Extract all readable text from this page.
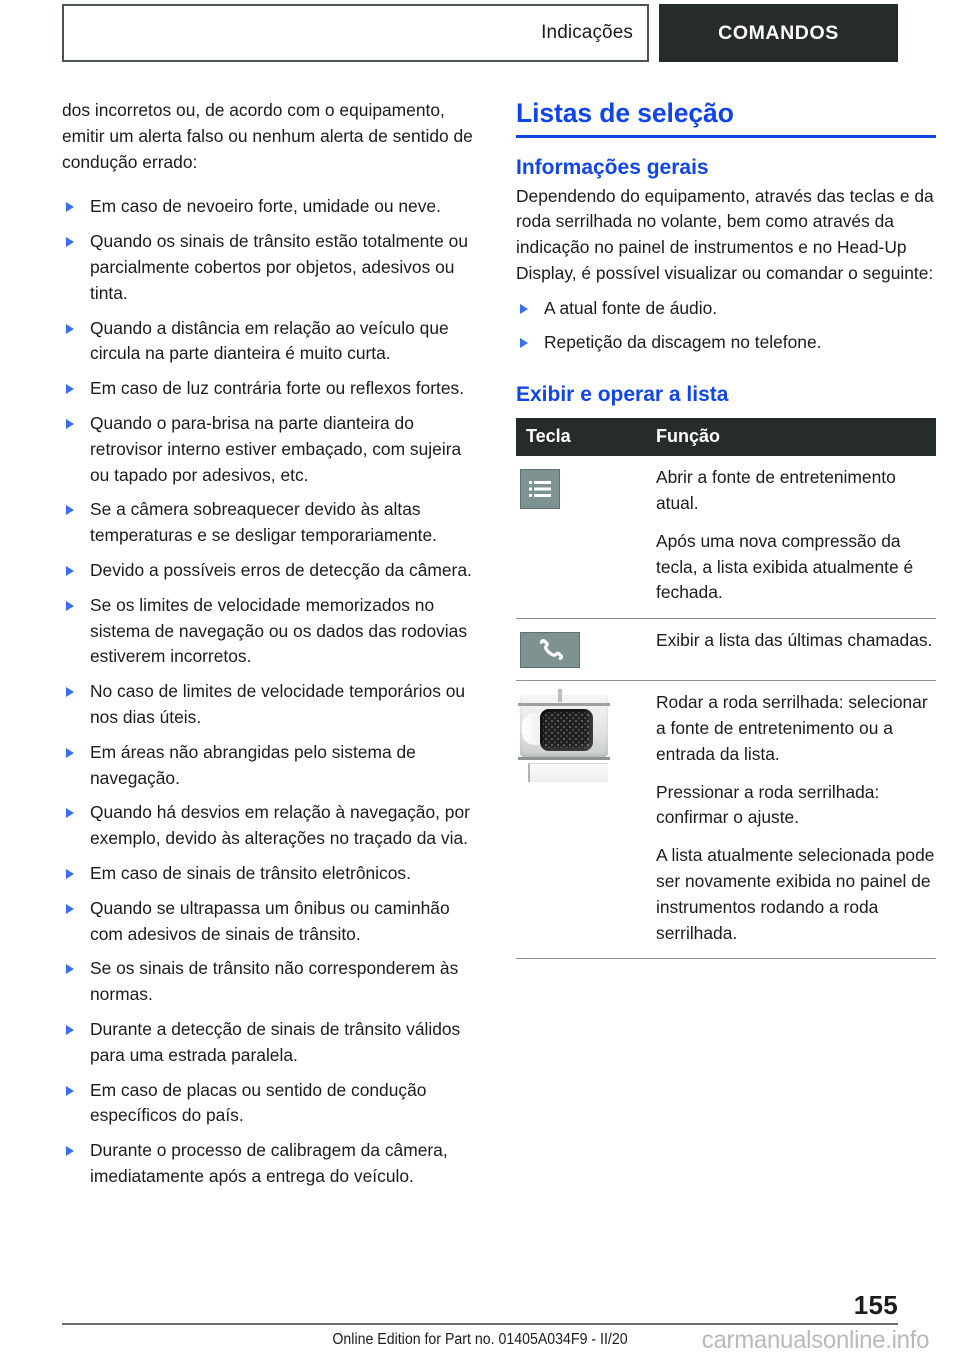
Indicações	COMANDOS

dos incorretos ou, de acordo com o equipamento, emitir um alerta falso ou nenhum alerta de sentido de condução errado:

Em caso de nevoeiro forte, umidade ou neve.
Quando os sinais de trânsito estão totalmente ou parcialmente cobertos por objetos, adesivos ou tinta.
Quando a distância em relação ao veículo que circula na parte dianteira é muito curta.
Em caso de luz contrária forte ou reflexos fortes.
Quando o para-brisa na parte dianteira do retrovisor interno estiver embaçado, com sujeira ou tapado por adesivos, etc.
Se a câmera sobreaquecer devido às altas temperaturas e se desligar temporariamente.
Devido a possíveis erros de detecção da câmera.
Se os limites de velocidade memorizados no sistema de navegação ou os dados das rodovias estiverem incorretos.
No caso de limites de velocidade temporários ou nos dias úteis.
Em áreas não abrangidas pelo sistema de navegação.
Quando há desvios em relação à navegação, por exemplo, devido às alterações no traçado da via.
Em caso de sinais de trânsito eletrônicos.
Quando se ultrapassa um ônibus ou caminhão com adesivos de sinais de trânsito.
Se os sinais de trânsito não corresponderem às normas.
Durante a detecção de sinais de trânsito válidos para uma estrada paralela.
Em caso de placas ou sentido de condução específicos do país.
Durante o processo de calibragem da câmera, imediatamente após a entrega do veículo.
Listas de seleção
Informações gerais

Dependendo do equipamento, através das teclas e da roda serrilhada no volante, bem como através da indicação no painel de instrumentos e no Head-Up Display, é possível visualizar ou comandar o seguinte:

A atual fonte de áudio.
Repetição da discagem no telefone.
Exibir e operar a lista
Tecla	Função

Abrir a fonte de entretenimento atual.

Após uma nova compressão da tecla, a lista exibida atualmente é fechada.

Exibir a lista das últimas chamadas.

	Rodar a roda serrilhada: selecionar a fonte de entretenimento ou a entrada da lista.

Pressionar a roda serrilhada: confirmar o ajuste.

A lista atualmente selecionada pode ser novamente exibida no painel de instrumentos rodando a roda serrilhada.

155
Online Edition for Part no. 01405A034F9 - II/20	carmanualsonline.info
